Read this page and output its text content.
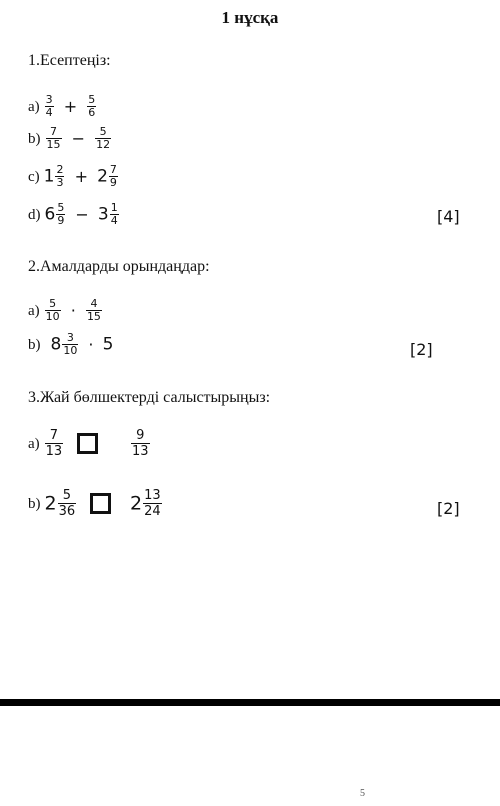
1 нұсқа
1.Есептеңіз:
$a) \frac{3}{4} + \frac{5}{6}$
$b) \frac{7}{15} - \frac{5}{12}$
c) $1 \frac{2}{3} + 2 \frac{7}{9}$
d) $6 \frac{5}{9} - 3 \frac{1}{4}$	[4]
2.Амалдарды орындаңдар:
$a) \frac{5}{10} \cdot \frac{4}{15}$
b) $8 \frac{3}{10} \cdot 5$	[2]
3.Жай бөлшектерді салыстырыңыз:
$a) \frac{7}{13}$
	$\frac{9}{13}$
b) $2 \frac{5}{36}$
	$2 \frac{13}{24}$	[2]
5
